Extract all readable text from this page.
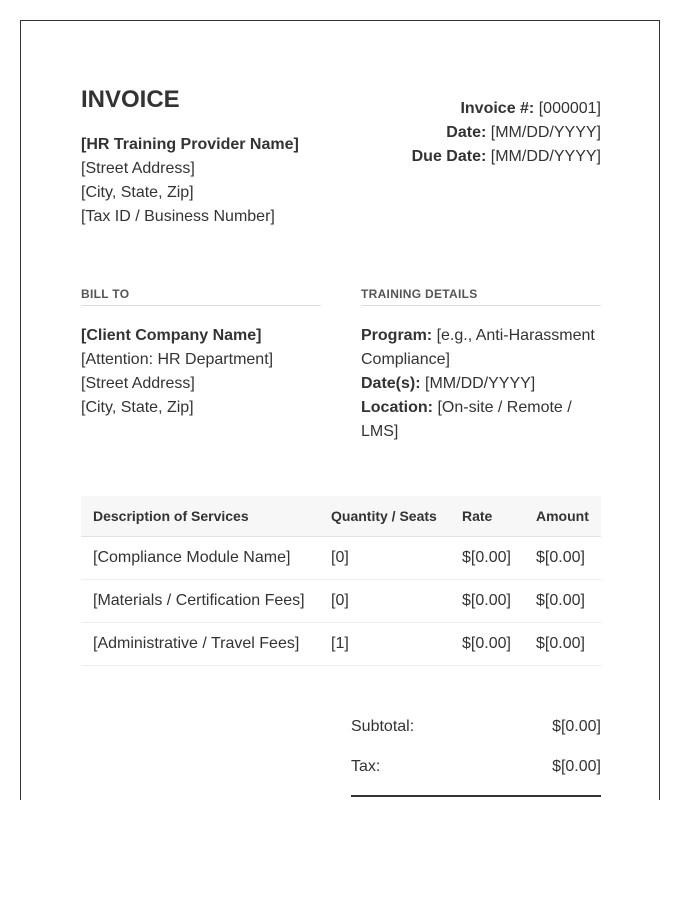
INVOICE
[HR Training Provider Name]
[Street Address]
[City, State, Zip]
[Tax ID / Business Number]
Invoice #: [000001]
Date: [MM/DD/YYYY]
Due Date: [MM/DD/YYYY]
BILL TO
[Client Company Name]
[Attention: HR Department]
[Street Address]
[City, State, Zip]
TRAINING DETAILS
Program: [e.g., Anti-Harassment Compliance]
Date(s): [MM/DD/YYYY]
Location: [On-site / Remote / LMS]
Description of Services	Quantity / Seats	Rate	Amount
[Compliance Module Name]	[0]	$[0.00]	$[0.00]
[Materials / Certification Fees]	[0]	$[0.00]	$[0.00]
[Administrative / Travel Fees]	[1]	$[0.00]	$[0.00]
Subtotal:	$[0.00]
Tax:	$[0.00]
